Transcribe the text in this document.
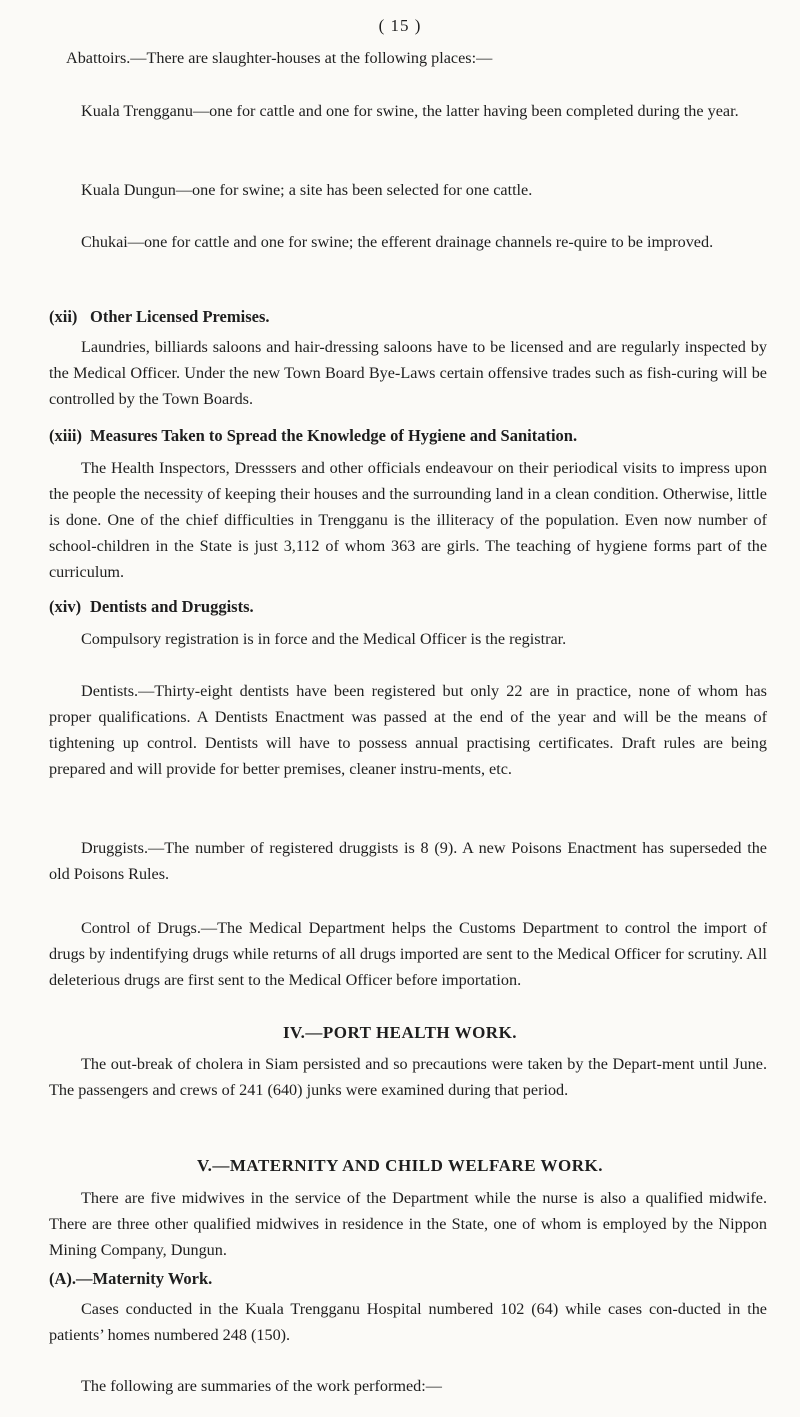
( 15 )

Abattoirs.—There are slaughter-houses at the following places:—

Kuala Trengganu—one for cattle and one for swine, the latter having been completed during the year.

Kuala Dungun—one for swine; a site has been selected for one cattle.

Chukai—one for cattle and one for swine; the efferent drainage channels re-quire to be improved.

(xii) Other Licensed Premises.

Laundries, billiards saloons and hair-dressing saloons have to be licensed and are regularly inspected by the Medical Officer. Under the new Town Board Bye-Laws certain offensive trades such as fish-curing will be controlled by the Town Boards.

(xiii) Measures Taken to Spread the Knowledge of Hygiene and Sanitation.

The Health Inspectors, Dresssers and other officials endeavour on their periodical visits to impress upon the people the necessity of keeping their houses and the surrounding land in a clean condition. Otherwise, little is done. One of the chief difficulties in Trengganu is the illiteracy of the population. Even now number of school-children in the State is just 3,112 of whom 363 are girls. The teaching of hygiene forms part of the curriculum.

(xiv) Dentists and Druggists.

Compulsory registration is in force and the Medical Officer is the registrar.

Dentists.—Thirty-eight dentists have been registered but only 22 are in practice, none of whom has proper qualifications. A Dentists Enactment was passed at the end of the year and will be the means of tightening up control. Dentists will have to possess annual practising certificates. Draft rules are being prepared and will provide for better premises, cleaner instru-ments, etc.

Druggists.—The number of registered druggists is 8 (9). A new Poisons Enactment has superseded the old Poisons Rules.

Control of Drugs.—The Medical Department helps the Customs Department to control the import of drugs by indentifying drugs while returns of all drugs imported are sent to the Medical Officer for scrutiny. All deleterious drugs are first sent to the Medical Officer before importation.

IV.—PORT HEALTH WORK.

The out-break of cholera in Siam persisted and so precautions were taken by the Depart-ment until June. The passengers and crews of 241 (640) junks were examined during that period.

V.—MATERNITY AND CHILD WELFARE WORK.

There are five midwives in the service of the Department while the nurse is also a qualified midwife. There are three other qualified midwives in residence in the State, one of whom is employed by the Nippon Mining Company, Dungun.

(A).—Maternity Work.

Cases conducted in the Kuala Trengganu Hospital numbered 102 (64) while cases con-ducted in the patients’ homes numbered 248 (150).

The following are summaries of the work performed:—
